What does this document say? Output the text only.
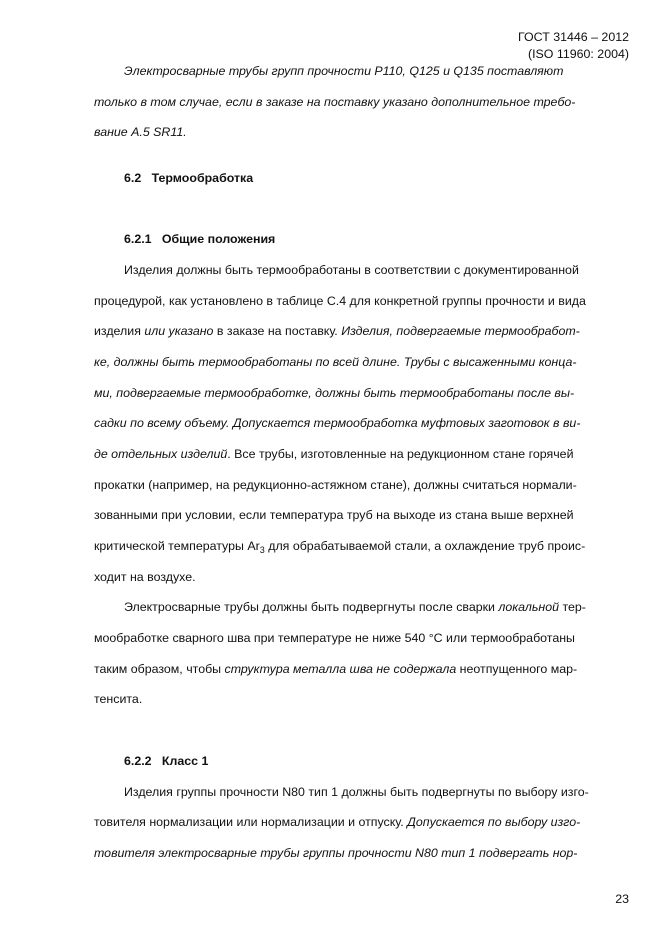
ГОСТ 31446 – 2012
(ISO 11960: 2004)
Электросварные трубы групп прочности P110, Q125 и Q135 поставляют
только в том случае, если в заказе на поставку указано дополнительное требо-
вание А.5 SR11.
6.2 Термообработка
6.2.1 Общие положения
Изделия должны быть термообработаны в соответствии с документированной
процедурой, как установлено в таблице С.4 для конкретной группы прочности и вида
изделия или указано в заказе на поставку. Изделия, подвергаемые термообработ-
ке, должны быть термообработаны по всей длине. Трубы с высаженными конца-
ми, подвергаемые термообработке, должны быть термообработаны после вы-
садки по всему объему. Допускается термообработка муфтовых заготовок в ви-
де отдельных изделий. Все трубы, изготовленные на редукционном стане горячей
прокатки (например, на редукционно-астяжном стане), должны считаться нормали-
зованными при условии, если температура труб на выходе из стана выше верхней
критической температуры $Ar_3$ для обрабатываемой стали, а охлаждение труб проис-
ходит на воздухе.
Электросварные трубы должны быть подвергнуты после сварки локальной тер-
мообработке сварного шва при температуре не ниже 540 °С или термообработаны
таким образом, чтобы структура металла шва не содержала неотпущенного мар-
тенсита.
6.2.2 Класс 1
Изделия группы прочности N80 тип 1 должны быть подвергнуты по выбору изго-
товителя нормализации или нормализации и отпуску. Допускается по выбору изго-
товителя электросварные трубы группы прочности N80 тип 1 подвергать нор-
23
